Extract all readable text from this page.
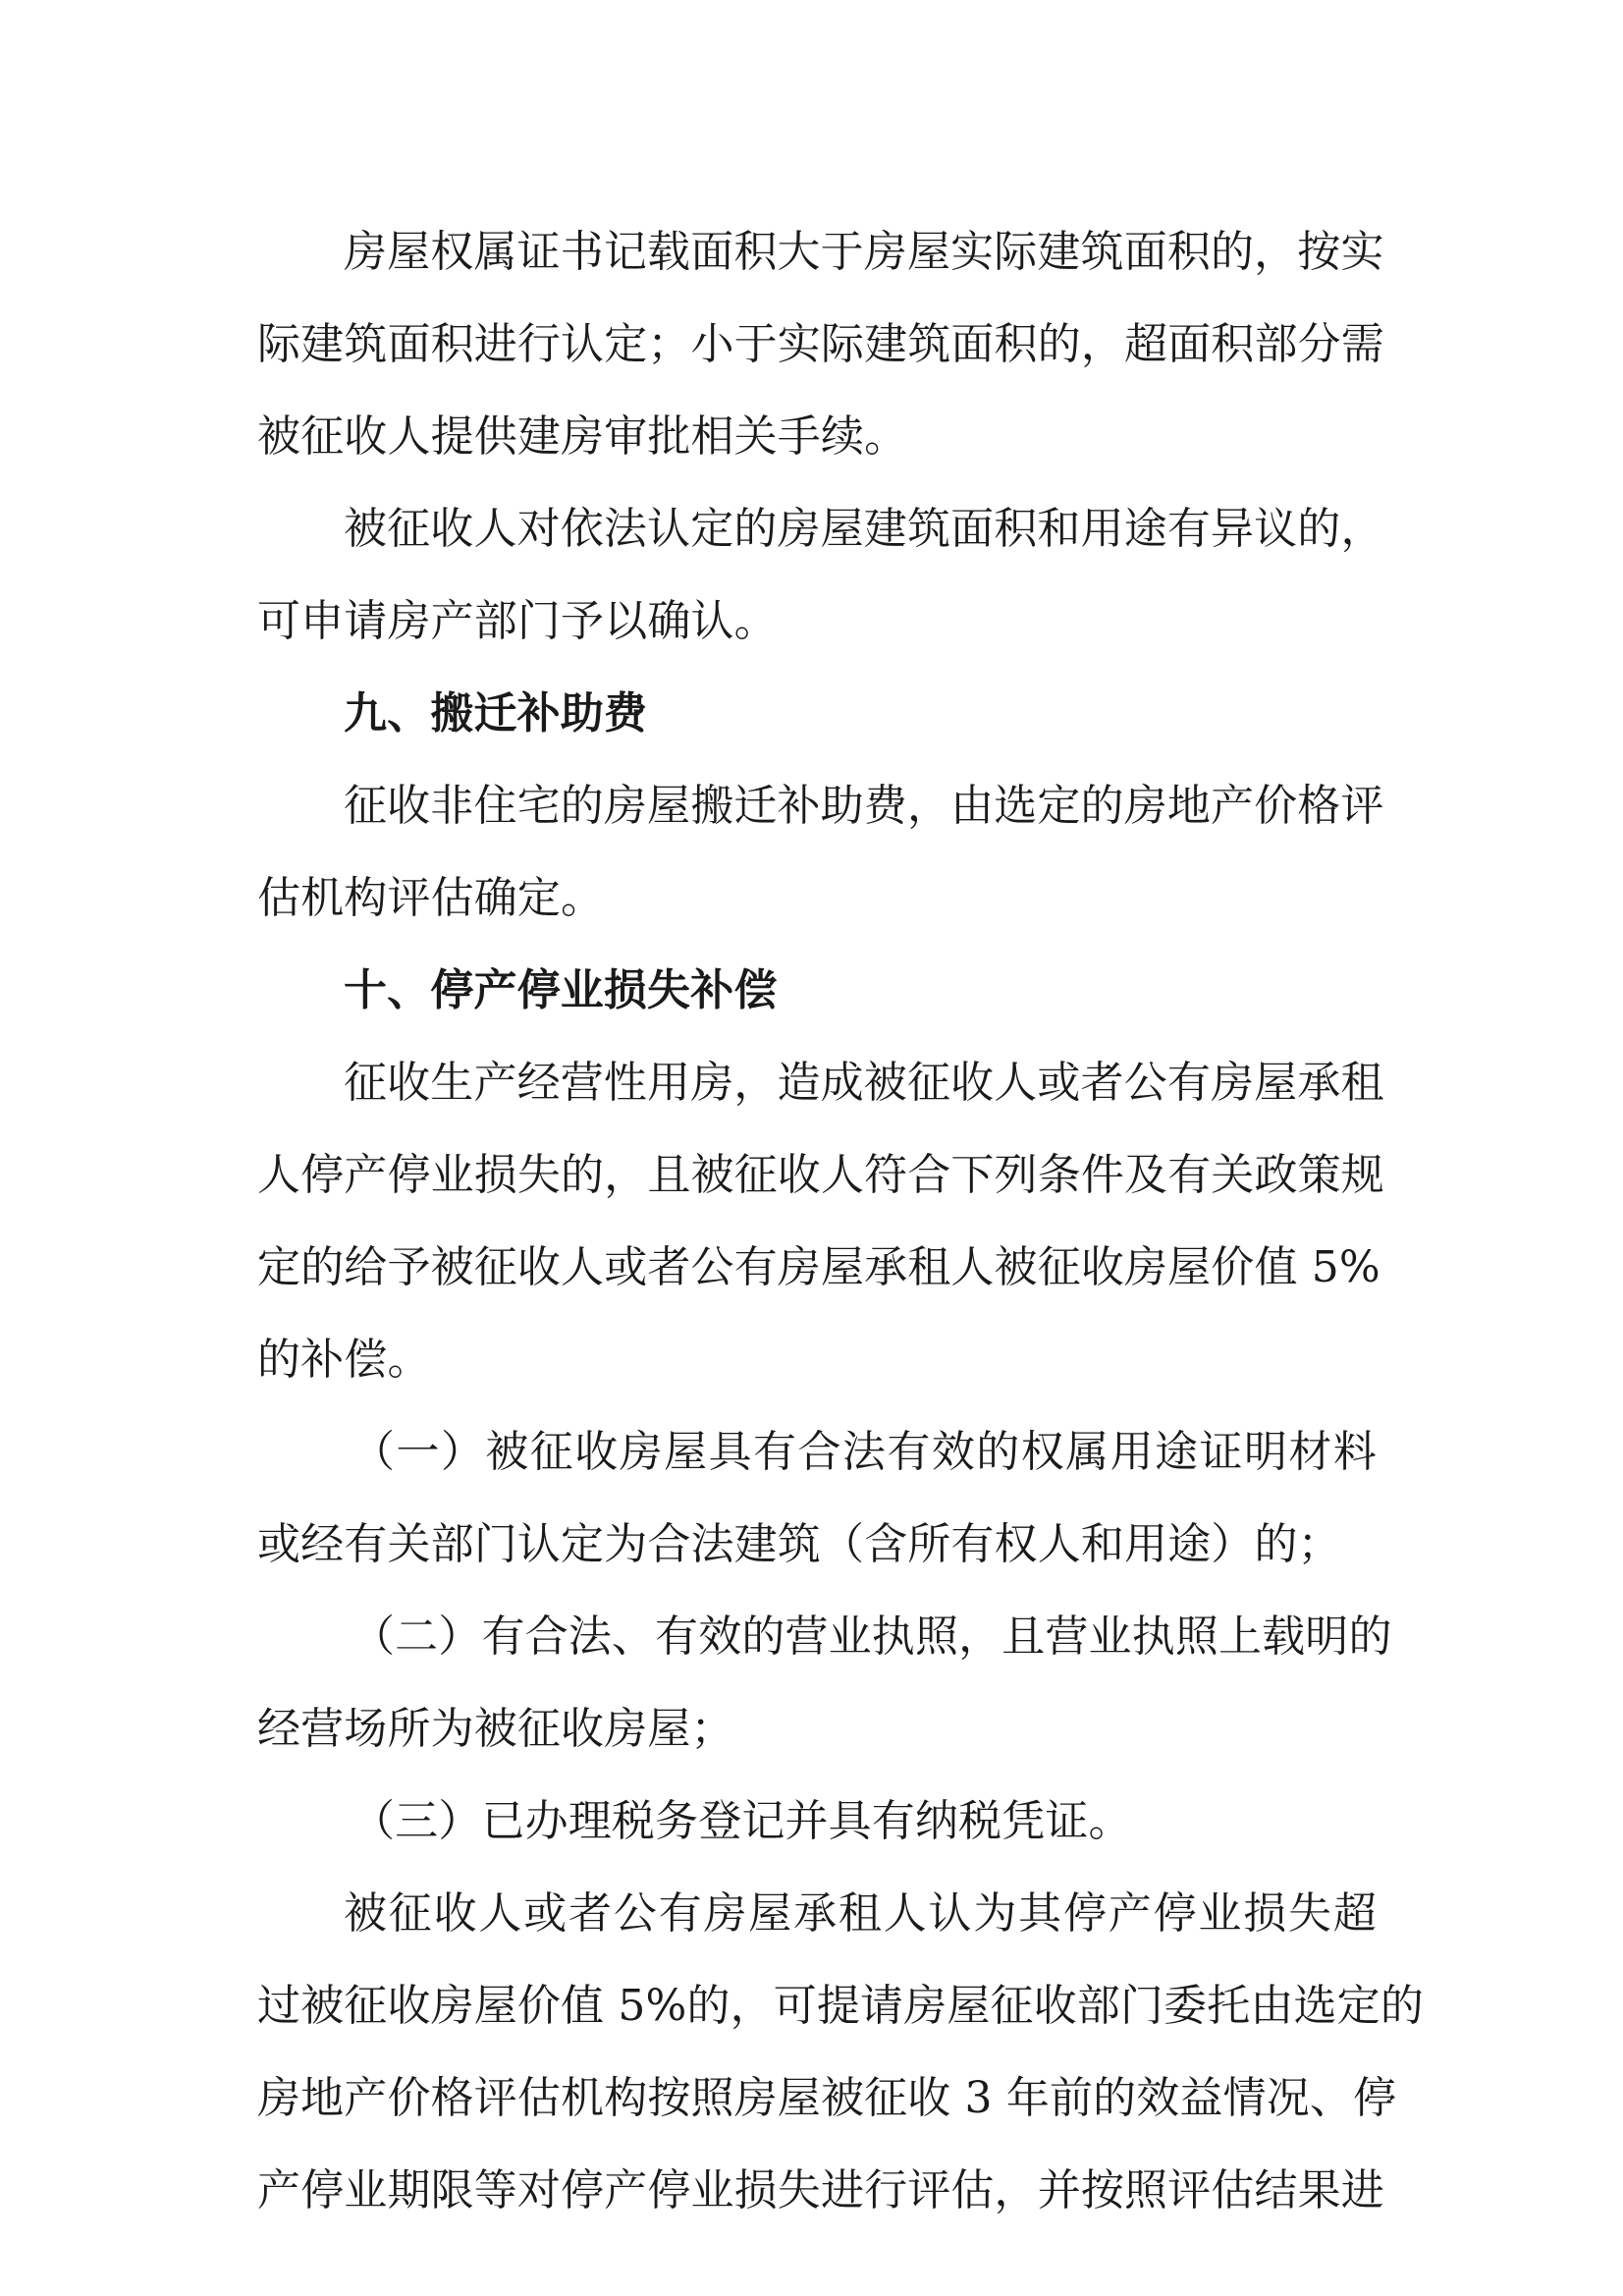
房屋权属证书记载面积大于房屋实际建筑面积的，按实
际建筑面积进行认定；小于实际建筑面积的，超面积部分需
被征收人提供建房审批相关手续。
被征收人对依法认定的房屋建筑面积和用途有异议的，
可申请房产部门予以确认。
九、搬迁补助费
征收非住宅的房屋搬迁补助费，由选定的房地产价格评
估机构评估确定。
十、停产停业损失补偿
征收生产经营性用房，造成被征收人或者公有房屋承租
人停产停业损失的，且被征收人符合下列条件及有关政策规
定的给予被征收人或者公有房屋承租人被征收房屋价值 5%
的补偿。
（一）被征收房屋具有合法有效的权属用途证明材料
或经有关部门认定为合法建筑（含所有权人和用途）的；
（二）有合法、有效的营业执照，且营业执照上载明的
经营场所为被征收房屋；
（三）已办理税务登记并具有纳税凭证。
被征收人或者公有房屋承租人认为其停产停业损失超
过被征收房屋价值 5%的，可提请房屋征收部门委托由选定的
房地产价格评估机构按照房屋被征收 3 年前的效益情况、停
产停业期限等对停产停业损失进行评估，并按照评估结果进
